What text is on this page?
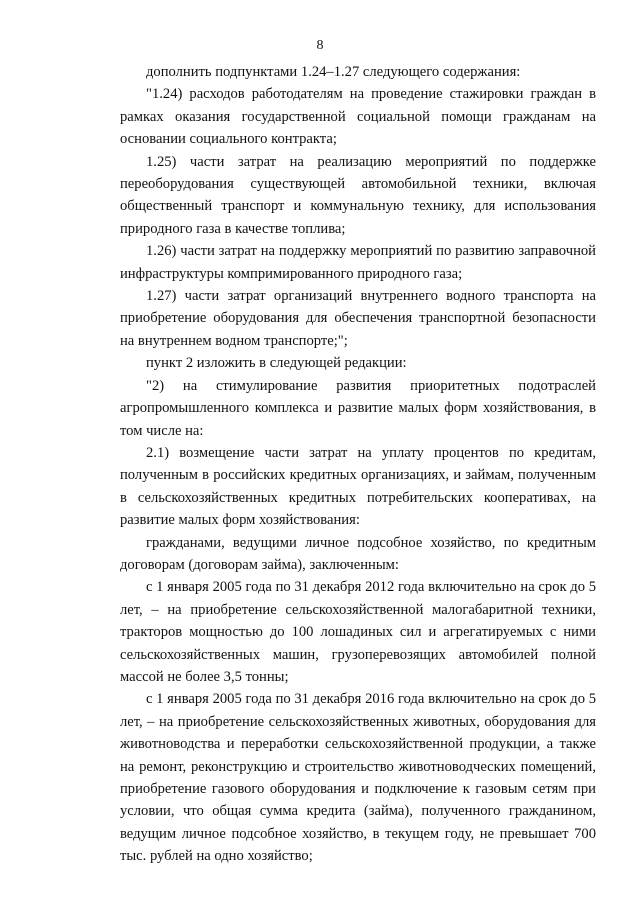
8

дополнить подпунктами 1.24–1.27 следующего содержания:

"1.24) расходов работодателям на проведение стажировки граждан в рамках оказания государственной социальной помощи гражданам на основании социального контракта;

1.25) части затрат на реализацию мероприятий по поддержке переоборудования существующей автомобильной техники, включая общественный транспорт и коммунальную технику, для использования природного газа в качестве топлива;

1.26) части затрат на поддержку мероприятий по развитию заправочной инфраструктуры компримированного природного газа;

1.27) части затрат организаций внутреннего водного транспорта на приобретение оборудования для обеспечения транспортной безопасности на внутреннем водном транспорте;";

пункт 2 изложить в следующей редакции:

"2) на стимулирование развития приоритетных подотраслей агропромышленного комплекса и развитие малых форм хозяйствования, в том числе на:

2.1) возмещение части затрат на уплату процентов по кредитам, полученным в российских кредитных организациях, и займам, полученным в сельскохозяйственных кредитных потребительских кооперативах, на развитие малых форм хозяйствования:

гражданами, ведущими личное подсобное хозяйство, по кредитным договорам (договорам займа), заключенным:

с 1 января 2005 года по 31 декабря 2012 года включительно на срок до 5 лет, – на приобретение сельскохозяйственной малогабаритной техники, тракторов мощностью до 100 лошадиных сил и агрегатируемых с ними сельскохозяйственных машин, грузоперевозящих автомобилей полной массой не более 3,5 тонны;

с 1 января 2005 года по 31 декабря 2016 года включительно на срок до 5 лет, – на приобретение сельскохозяйственных животных, оборудования для животноводства и переработки сельскохозяйственной продукции, а также на ремонт, реконструкцию и строительство животноводческих помещений, приобретение газового оборудования и подключение к газовым сетям при условии, что общая сумма кредита (займа), полученного гражданином, ведущим личное подсобное хозяйство, в текущем году, не превышает 700 тыс. рублей на одно хозяйство;
